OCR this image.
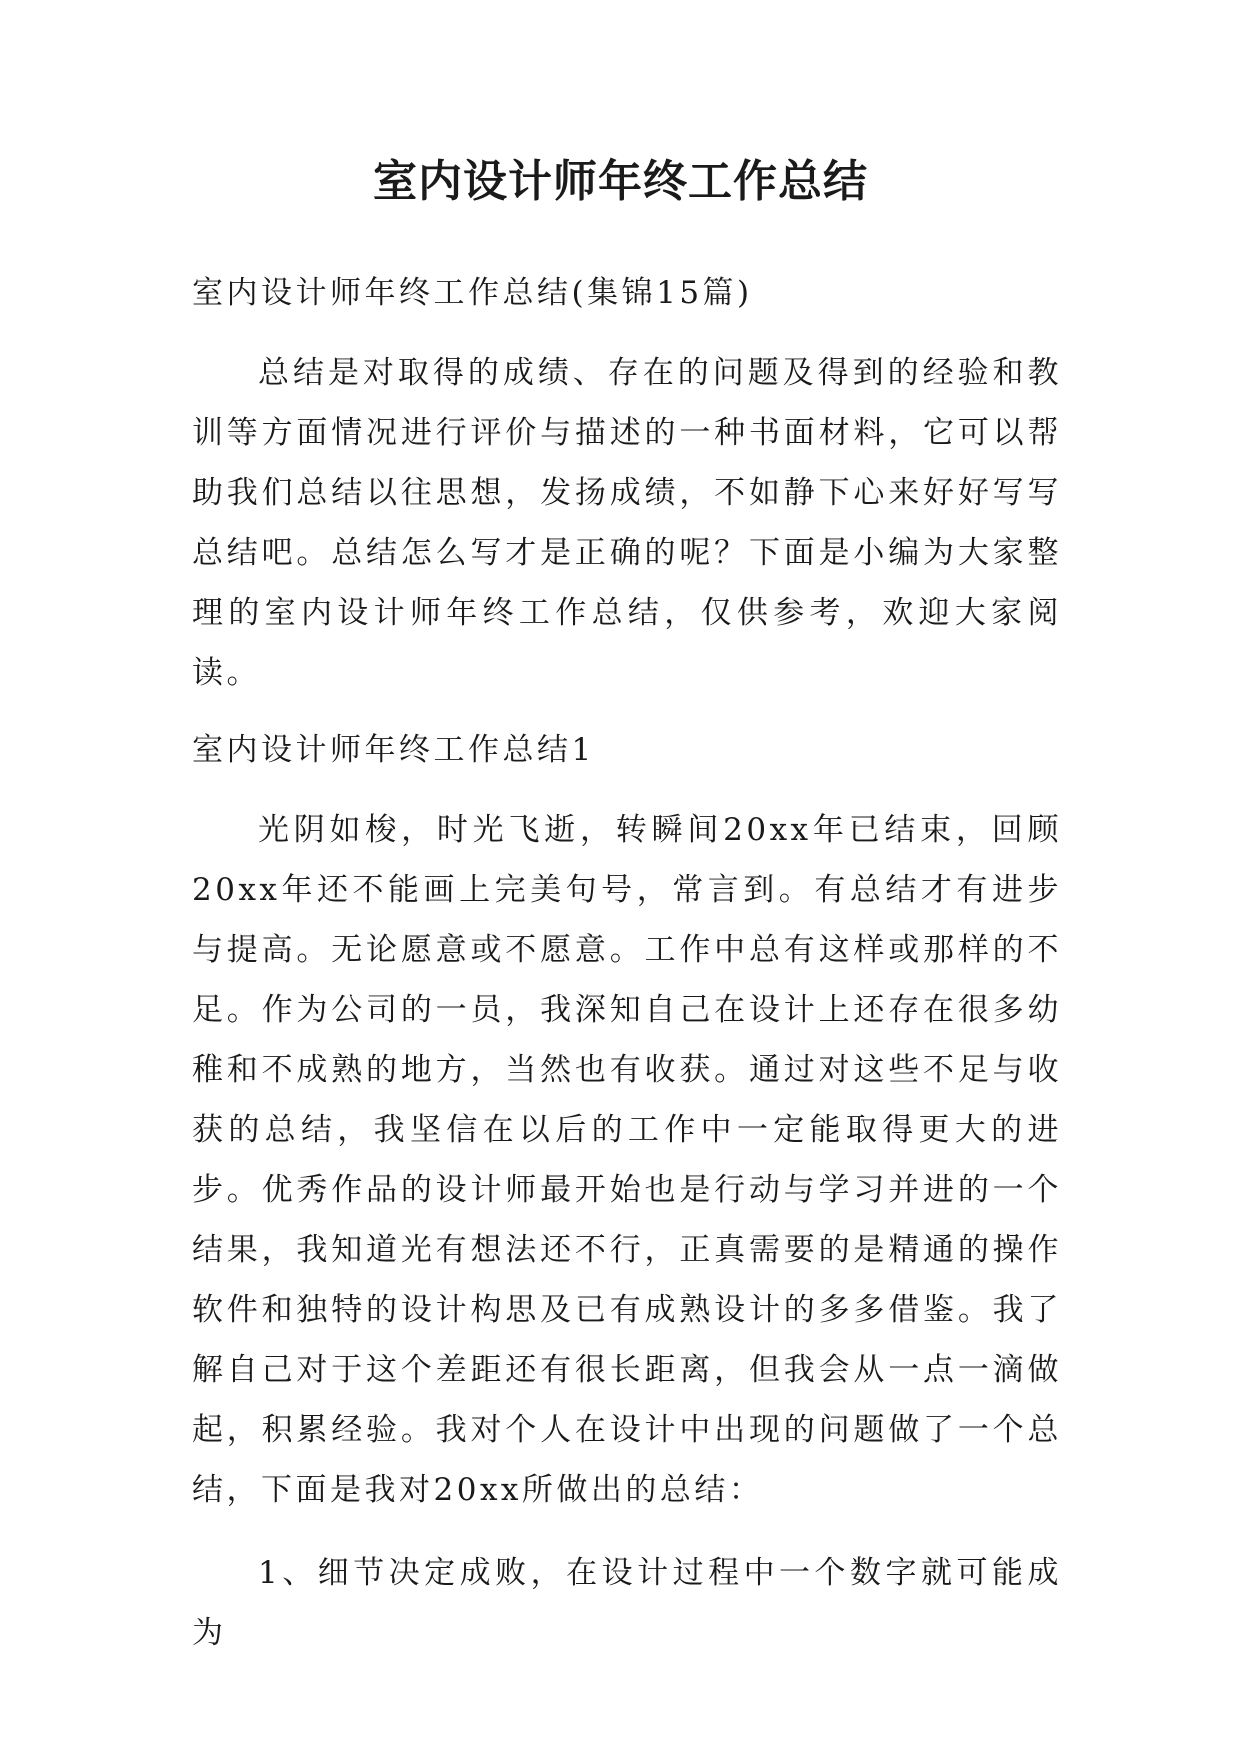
室内设计师年终工作总结

室内设计师年终工作总结(集锦15篇)

总结是对取得的成绩、存在的问题及得到的经验和教训等方面情况进行评价与描述的一种书面材料，它可以帮助我们总结以往思想，发扬成绩，不如静下心来好好写写总结吧。总结怎么写才是正确的呢？下面是小编为大家整理的室内设计师年终工作总结，仅供参考，欢迎大家阅读。

室内设计师年终工作总结1

光阴如梭，时光飞逝，转瞬间20xx年已结束，回顾20xx年还不能画上完美句号，常言到。有总结才有进步与提高。无论愿意或不愿意。工作中总有这样或那样的不足。作为公司的一员，我深知自己在设计上还存在很多幼稚和不成熟的地方，当然也有收获。通过对这些不足与收获的总结，我坚信在以后的工作中一定能取得更大的进步。优秀作品的设计师最开始也是行动与学习并进的一个结果，我知道光有想法还不行，正真需要的是精通的操作软件和独特的设计构思及已有成熟设计的多多借鉴。我了解自己对于这个差距还有很长距离，但我会从一点一滴做起，积累经验。我对个人在设计中出现的问题做了一个总结，下面是我对20xx所做出的总结：

1、细节决定成败，在设计过程中一个数字就可能成为
